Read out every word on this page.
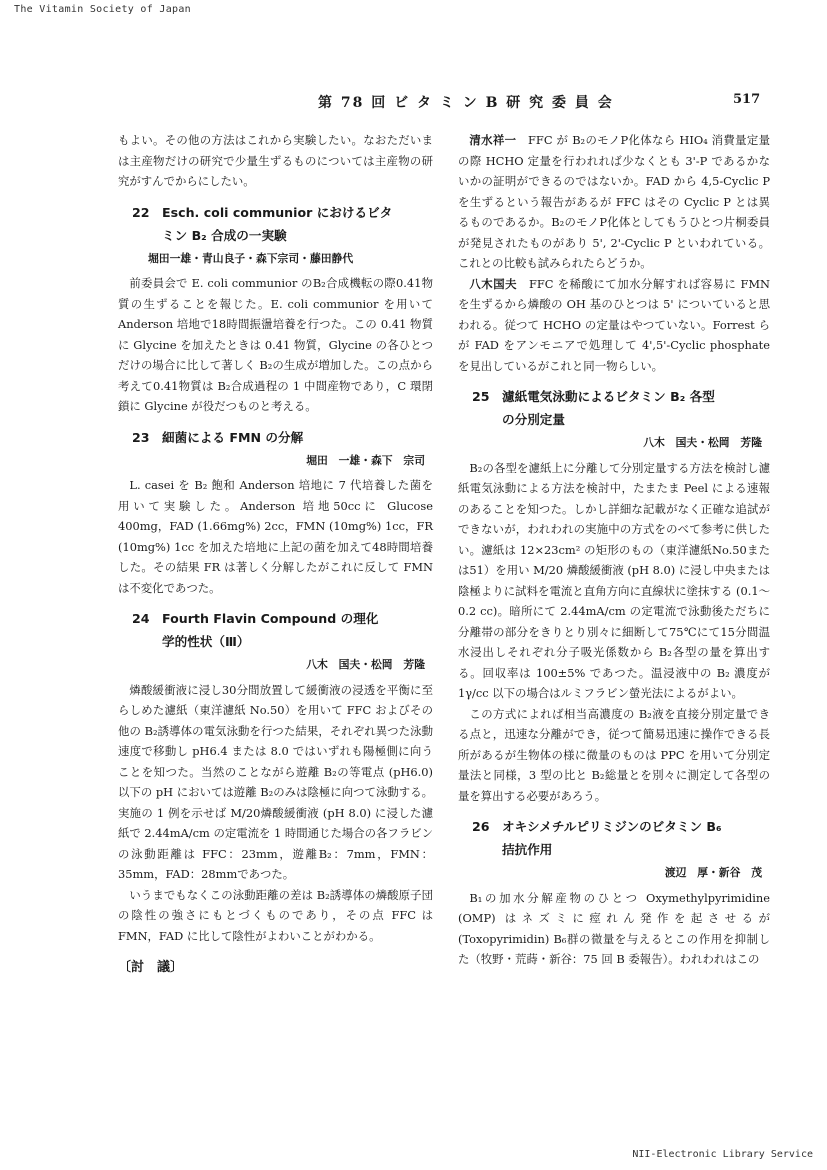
The Vitamin Society of Japan
第 78 回 ビ タ ミ ン B 研 究 委 員 会	517

もよい。その他の方法はこれから実験したい。なおただいまは主産物だけの研究で少量生ずるものについては主産物の研究がすんでからにしたい。

22 Esch. coli communior におけるビタ
ミン B₂ 合成の一実験
堀田一雄・青山良子・森下宗司・藤田静代

前委員会で E. coli communior のB₂合成機転の際0.41物質の生ずることを報じた。E. coli communior を用いて Anderson 培地で18時間振盪培養を行つた。この 0.41 物質に Glycine を加えたときは 0.41 物質，Glycine の各ひとつだけの場合に比して著しく B₂の生成が増加した。この点から考えて0.41物質は B₂合成過程の 1 中間産物であり，C 環閉鎖に Glycine が役だつものと考える。

23 細菌による FMN の分解
堀田　一雄・森下　宗司

L. casei を B₂ 飽和 Anderson 培地に 7 代培養した菌を用いて実験した。Anderson 培地50ccに Glucose 400mg，FAD (1.66mg%) 2cc，FMN (10mg%) 1cc，FR (10mg%) 1cc を加えた培地に上記の菌を加えて48時間培養した。その結果 FR は著しく分解したがこれに反して FMN は不変化であつた。

24 Fourth Flavin Compound の理化
学的性状（Ⅲ）
八木　国夫・松岡　芳隆

燐酸緩衝液に浸し30分間放置して緩衝液の浸透を平衡に至らしめた濾紙（東洋濾紙 No.50）を用いて FFC およびその他の B₂誘導体の電気泳動を行つた結果，それぞれ異つた泳動速度で移動し pH6.4 または 8.0 ではいずれも陽極側に向うことを知つた。当然のことながら遊離 B₂の等電点 (pH6.0) 以下の pH においては遊離 B₂のみは陰極に向つて泳動する。実施の 1 例を示せば M/20燐酸緩衝液 (pH 8.0) に浸した濾紙で 2.44mA/cm の定電流を 1 時間通じた場合の各フラビンの泳動距離は FFC：23mm，遊離B₂：7mm，FMN：35mm，FAD：28mmであつた。

いうまでもなくこの泳動距離の差は B₂誘導体の燐酸原子団の陰性の強さにもとづくものであり，その点 FFC は FMN，FAD に比して陰性がよわいことがわかる。

〔討　議〕

清水祥一　 FFC が B₂のモノP化体なら HIO₄ 消費量定量の際 HCHO 定量を行われれば少なくとも 3'-P であるかないかの証明ができるのではないか。FAD から 4,5-Cyclic P を生ずるという報告があるが FFC はその Cyclic P とは異るものであるか。B₂のモノP化体としてもうひとつ片桐委員が発見されたものがあり 5', 2'-Cyclic P といわれている。これとの比較も試みられたらどうか。

八木国夫　 FFC を稀酸にて加水分解すれば容易に FMN を生ずるから燐酸の OH 基のひとつは 5' についていると思われる。従つて HCHO の定量はやつていない。Forrest らが FAD をアンモニアで処理して 4',5'-Cyclic phosphate を見出しているがこれと同一物らしい。

25 濾紙電気泳動によるビタミン B₂ 各型
の分別定量
八木　国夫・松岡　芳隆

B₂の各型を濾紙上に分離して分別定量する方法を検討し濾紙電気泳動による方法を検討中，たまたま Peel による速報のあることを知つた。しかし詳細な記載がなく正確な追試ができないが，われわれの実施中の方式をのべて参考に供したい。濾紙は 12×23cm² の矩形のもの（東洋濾紙No.50または51）を用い M/20 燐酸緩衝液 (pH 8.0) に浸し中央または陰極よりに試料を電流と直角方向に直線状に塗抹する (0.1～0.2 cc)。暗所にて 2.44mA/cm の定電流で泳動後ただちに分離帯の部分をきりとり別々に細断して75℃にて15分間温水浸出しそれぞれ分子吸光係数から B₂各型の量を算出する。回収率は 100±5% であつた。温浸液中の B₂ 濃度が 1γ/cc 以下の場合はルミフラビン螢光法によるがよい。

この方式によれば相当高濃度の B₂液を直接分別定量できる点と，迅速な分離ができ，従つて簡易迅速に操作できる長所があるが生物体の様に微量のものは PPC を用いて分別定量法と同様，3 型の比と B₂総量とを別々に測定して各型の量を算出する必要があろう。

26 オキシメチルピリミジンのビタミン B₆
拮抗作用
渡辺　厚・新谷　茂

B₁の加水分解産物のひとつ Oxymethylpyrimidine (OMP) はネズミに痙れん発作を起させるが (Toxopyrimidin) B₆群の微量を与えるとこの作用を抑制した（牧野・荒蒔・新谷：75 回 B 委報告）。われわれはこの

NII-Electronic Library Service
